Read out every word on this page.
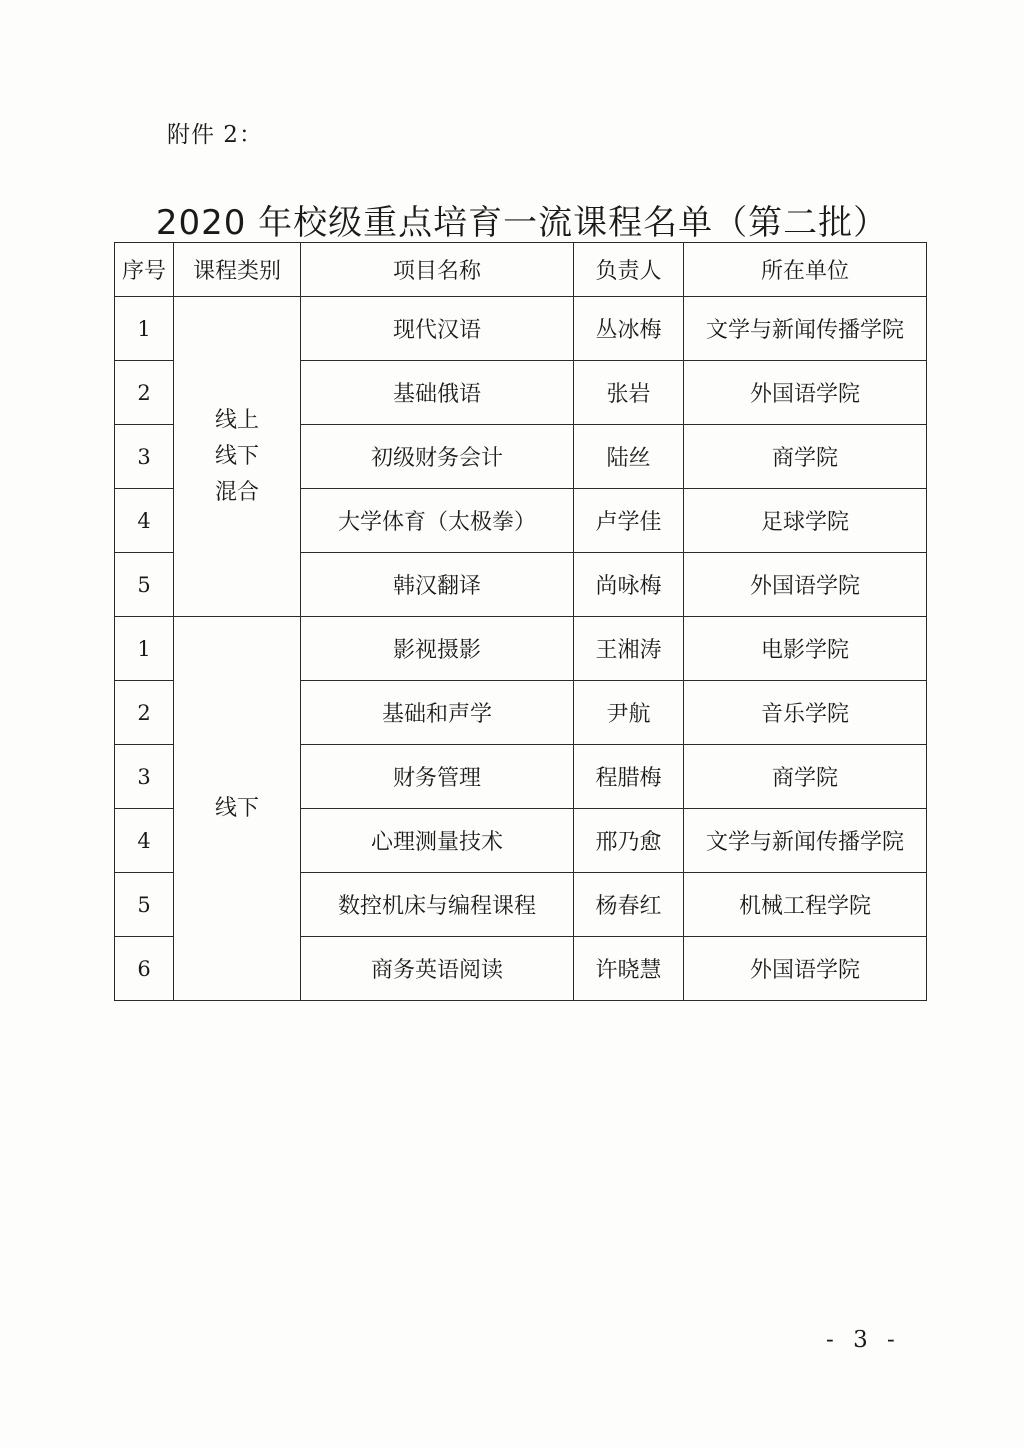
附件 2：
2020 年校级重点培育一流课程名单（第二批）
序号	课程类别	项目名称	负责人	所在单位
1	线上
线下
混合	现代汉语	丛冰梅	文学与新闻传播学院
2		基础俄语	张岩	外国语学院
3		初级财务会计	陆丝	商学院
4		大学体育（太极拳）	卢学佳	足球学院
5		韩汉翻译	尚咏梅	外国语学院
1	线下	影视摄影	王湘涛	电影学院
2		基础和声学	尹航	音乐学院
3		财务管理	程腊梅	商学院
4		心理测量技术	邢乃愈	文学与新闻传播学院
5		数控机床与编程课程	杨春红	机械工程学院
6		商务英语阅读	许晓慧	外国语学院
- 3 -
